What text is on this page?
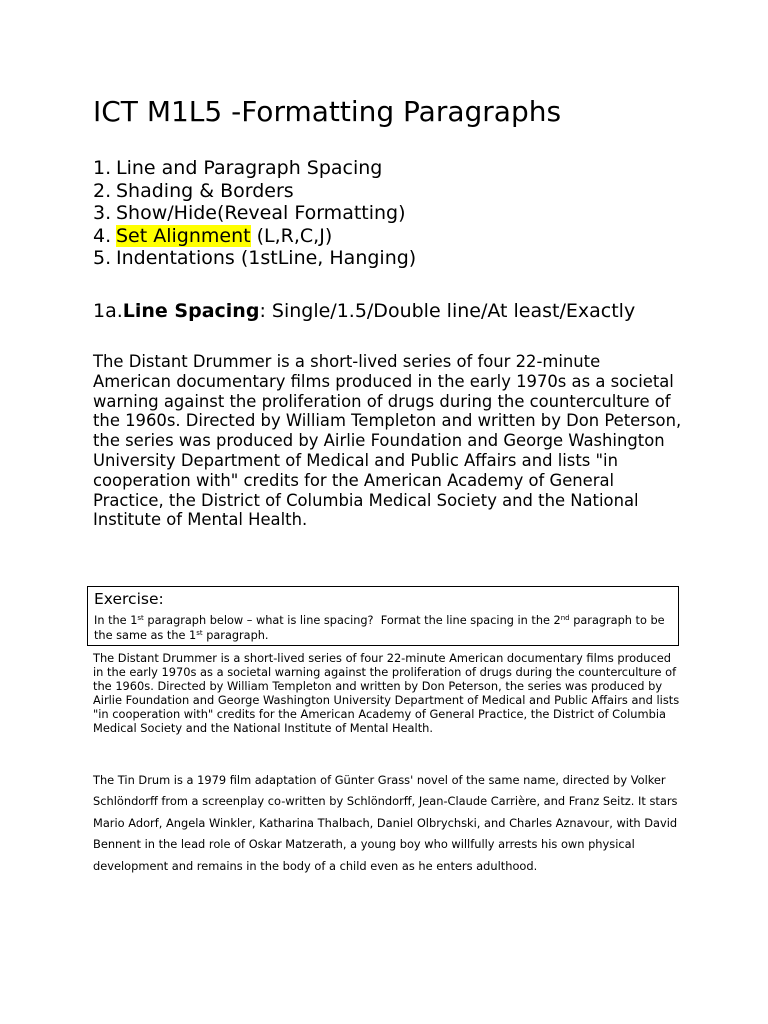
ICT M1L5 -Formatting Paragraphs
1. Line and Paragraph Spacing
2. Shading & Borders
3. Show/Hide(Reveal Formatting)
4. Set Alignment (L,R,C,J)
5. Indentations (1stLine, Hanging)
1a.Line Spacing: Single/1.5/Double line/At least/Exactly

The Distant Drummer is a short-lived series of four 22-minute American documentary films produced in the early 1970s as a societal warning against the proliferation of drugs during the counterculture of the 1960s. Directed by William Templeton and written by Don Peterson, the series was produced by Airlie Foundation and George Washington University Department of Medical and Public Affairs and lists "in cooperation with" credits for the American Academy of General Practice, the District of Columbia Medical Society and the National Institute of Mental Health.

Exercise:
In the 1st paragraph below – what is line spacing?  Format the line spacing in the 2nd paragraph to be the same as the 1st paragraph.

The Distant Drummer is a short-lived series of four 22-minute American documentary films produced in the early 1970s as a societal warning against the proliferation of drugs during the counterculture of the 1960s. Directed by William Templeton and written by Don Peterson, the series was produced by Airlie Foundation and George Washington University Department of Medical and Public Affairs and lists "in cooperation with" credits for the American Academy of General Practice, the District of Columbia Medical Society and the National Institute of Mental Health.

The Tin Drum is a 1979 film adaptation of Günter Grass' novel of the same name, directed by Volker Schlöndorff from a screenplay co-written by Schlöndorff, Jean-Claude Carrière, and Franz Seitz. It stars Mario Adorf, Angela Winkler, Katharina Thalbach, Daniel Olbrychski, and Charles Aznavour, with David Bennent in the lead role of Oskar Matzerath, a young boy who willfully arrests his own physical development and remains in the body of a child even as he enters adulthood.
